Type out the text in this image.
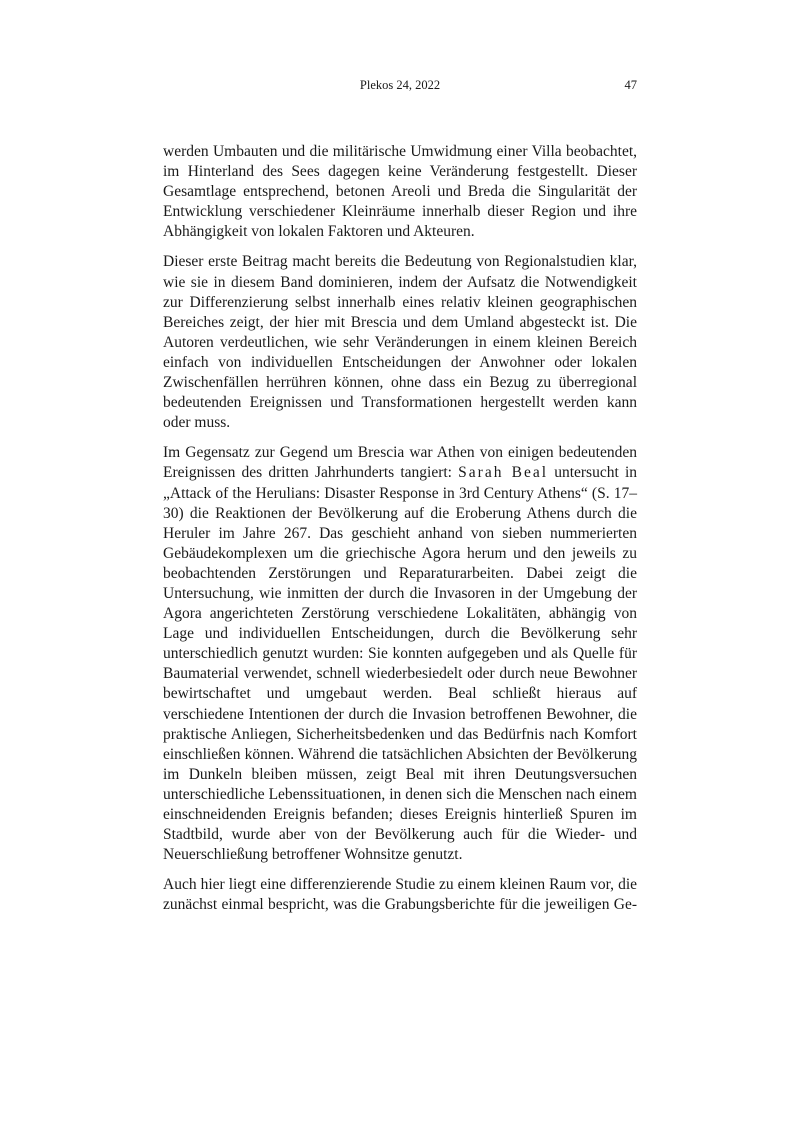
Plekos 24, 2022	47

werden Umbauten und die militärische Umwidmung einer Villa beobachtet, im Hinterland des Sees dagegen keine Veränderung festgestellt. Dieser Gesamtlage entsprechend, betonen Areoli und Breda die Singularität der Entwicklung verschiedener Kleinräume innerhalb dieser Region und ihre Abhängigkeit von lokalen Faktoren und Akteuren.

Dieser erste Beitrag macht bereits die Bedeutung von Regionalstudien klar, wie sie in diesem Band dominieren, indem der Aufsatz die Notwendigkeit zur Differenzierung selbst innerhalb eines relativ kleinen geographischen Bereiches zeigt, der hier mit Brescia und dem Umland abgesteckt ist. Die Autoren verdeutlichen, wie sehr Veränderungen in einem kleinen Bereich einfach von individuellen Entscheidungen der Anwohner oder lokalen Zwischenfällen herrühren können, ohne dass ein Bezug zu überregional bedeutenden Ereignissen und Transformationen hergestellt werden kann oder muss.

Im Gegensatz zur Gegend um Brescia war Athen von einigen bedeutenden Ereignissen des dritten Jahrhunderts tangiert: Sarah Beal untersucht in „Attack of the Herulians: Disaster Response in 3rd Century Athens“ (S. 17–30) die Reaktionen der Bevölkerung auf die Eroberung Athens durch die Heruler im Jahre 267. Das geschieht anhand von sieben nummerierten Gebäudekomplexen um die griechische Agora herum und den jeweils zu beobachtenden Zerstörungen und Reparaturarbeiten. Dabei zeigt die Untersuchung, wie inmitten der durch die Invasoren in der Umgebung der Agora angerichteten Zerstörung verschiedene Lokalitäten, abhängig von Lage und individuellen Entscheidungen, durch die Bevölkerung sehr unterschiedlich genutzt wurden: Sie konnten aufgegeben und als Quelle für Baumaterial verwendet, schnell wiederbesiedelt oder durch neue Bewohner bewirtschaftet und umgebaut werden. Beal schließt hieraus auf verschiedene Intentionen der durch die Invasion betroffenen Bewohner, die praktische Anliegen, Sicherheitsbedenken und das Bedürfnis nach Komfort einschließen können. Während die tatsächlichen Absichten der Bevölkerung im Dunkeln bleiben müssen, zeigt Beal mit ihren Deutungsversuchen unterschiedliche Lebenssituationen, in denen sich die Menschen nach einem einschneidenden Ereignis befanden; dieses Ereignis hinterließ Spuren im Stadtbild, wurde aber von der Bevölkerung auch für die Wieder- und Neuerschließung betroffener Wohnsitze genutzt.

Auch hier liegt eine differenzierende Studie zu einem kleinen Raum vor, die zunächst einmal bespricht, was die Grabungsberichte für die jeweiligen Ge-
